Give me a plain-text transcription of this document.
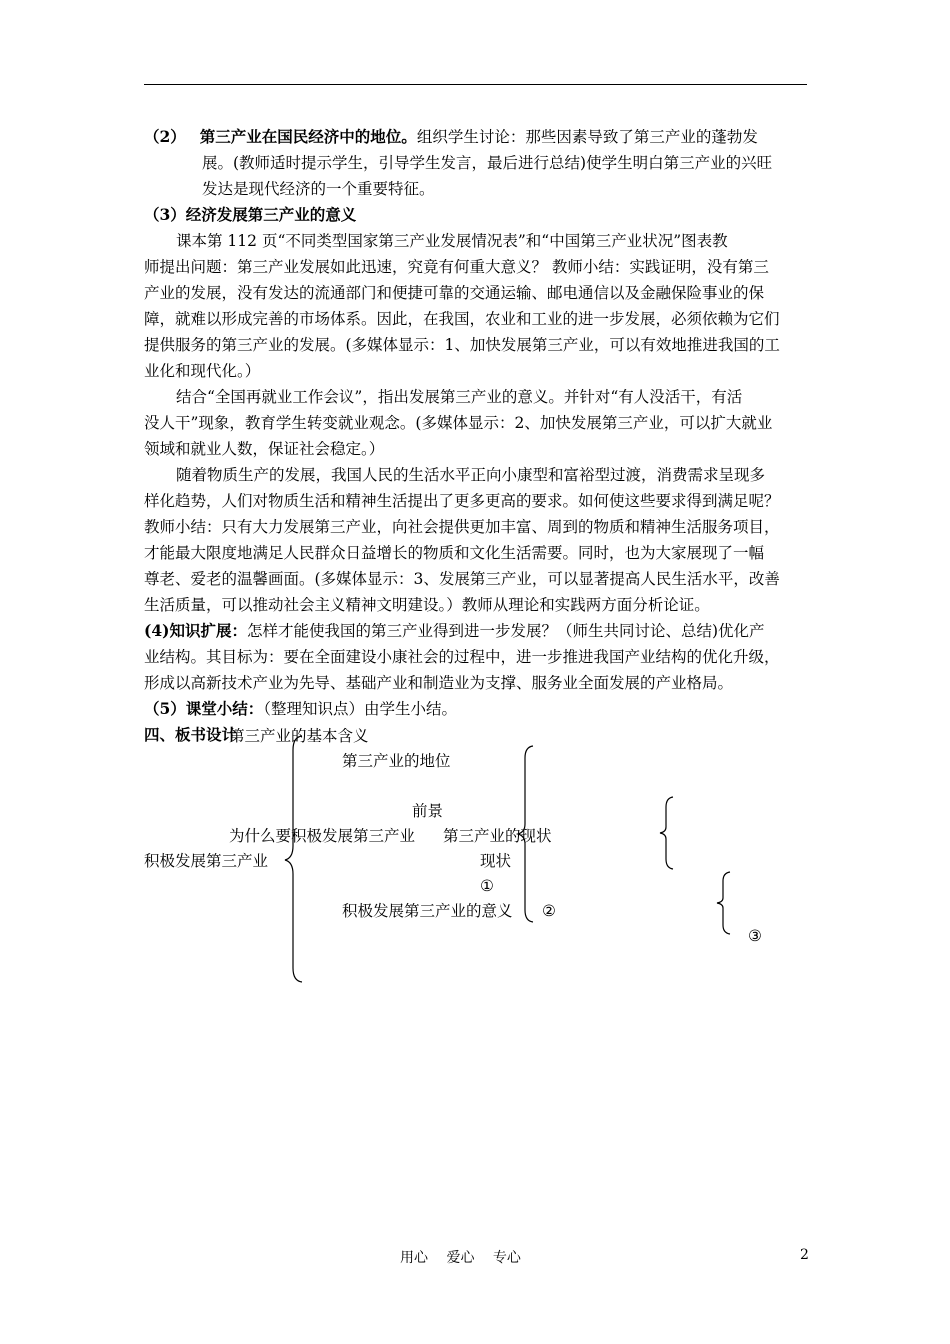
（2） 第三产业在国民经济中的地位。组织学生讨论：那些因素导致了第三产业的蓬勃发
展。(教师适时提示学生，引导学生发言，最后进行总结)使学生明白第三产业的兴旺
发达是现代经济的一个重要特征。
（3）经济发展第三产业的意义
课本第 112 页“不同类型国家第三产业发展情况表”和“中国第三产业状况”图表教
师提出问题：第三产业发展如此迅速，究竟有何重大意义？ 教师小结：实践证明，没有第三
产业的发展，没有发达的流通部门和便捷可靠的交通运输、邮电通信以及金融保险事业的保
障，就难以形成完善的市场体系。因此，在我国，农业和工业的进一步发展，必须依赖为它们
提供服务的第三产业的发展。(多媒体显示：1、加快发展第三产业，可以有效地推进我国的工
业化和现代化。）
结合“全国再就业工作会议”，指出发展第三产业的意义。并针对“有人没活干，有活
没人干”现象，教育学生转变就业观念。(多媒体显示：2、加快发展第三产业，可以扩大就业
领域和就业人数，保证社会稳定。）
随着物质生产的发展，我国人民的生活水平正向小康型和富裕型过渡，消费需求呈现多
样化趋势，人们对物质生活和精神生活提出了更多更高的要求。如何使这些要求得到满足呢？
教师小结：只有大力发展第三产业，向社会提供更加丰富、周到的物质和精神生活服务项目，
才能最大限度地满足人民群众日益增长的物质和文化生活需要。同时，也为大家展现了一幅
尊老、爱老的温馨画面。(多媒体显示：3、发展第三产业，可以显著提高人民生活水平，改善
生活质量，可以推动社会主义精神文明建设。）教师从理论和实践两方面分析论证。
(4)知识扩展：怎样才能使我国的第三产业得到进一步发展？（师生共同讨论、总结)优化产
业结构。其目标为：要在全面建设小康社会的过程中，进一步推进我国产业结构的优化升级，
形成以高新技术产业为先导、基础产业和制造业为支撑、服务业全面发展的产业格局。
（5）课堂小结：（整理知识点）由学生小结。
四、板书设计
第三产业的基本含义
第三产业的地位
前景
为什么要积极发展第三产业 第三产业的现状
现状
积极发展第三产业
①
积极发展第三产业的意义 ②
③
用心　 爱心　 专心	2
